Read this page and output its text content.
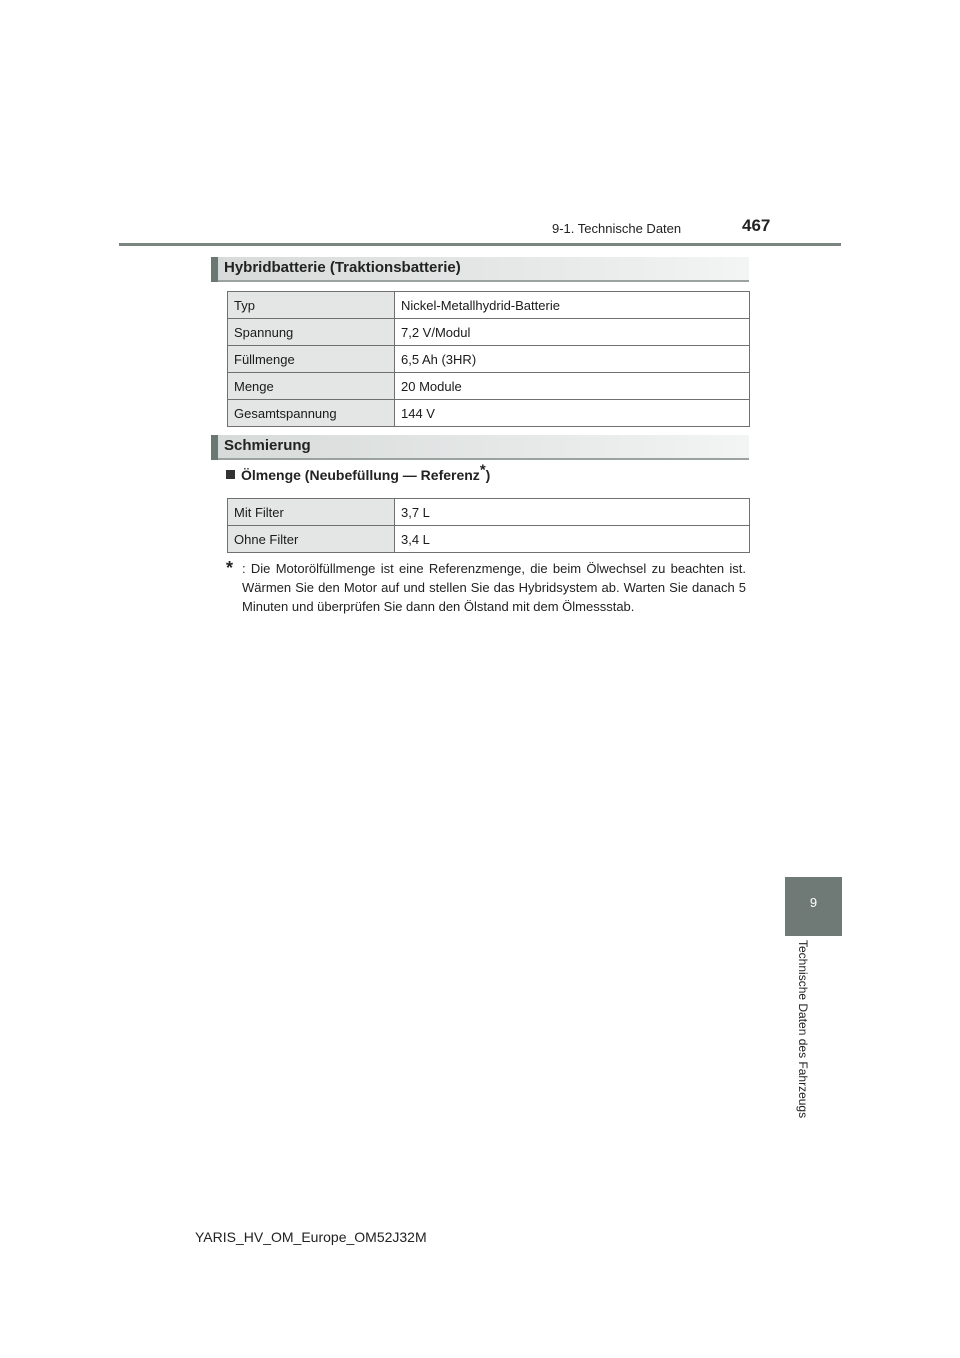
9-1. Technische Daten	467
Hybridbatterie (Traktionsbatterie)
Typ	Nickel-Metallhydrid-Batterie
Spannung	7,2 V/Modul
Füllmenge	6,5 Ah (3HR)
Menge	20 Module
Gesamtspannung	144 V
Schmierung
Ölmenge (Neubefüllung — Referenz*)
Mit Filter	3,7 L
Ohne Filter	3,4 L
* : Die Motorölfüllmenge ist eine Referenzmenge, die beim Ölwechsel zu beachten ist. Wärmen Sie den Motor auf und stellen Sie das Hybridsystem ab. Warten Sie danach 5 Minuten und überprüfen Sie dann den Ölstand mit dem Ölmessstab.
9
Technische Daten des Fahrzeugs
YARIS_HV_OM_Europe_OM52J32M
